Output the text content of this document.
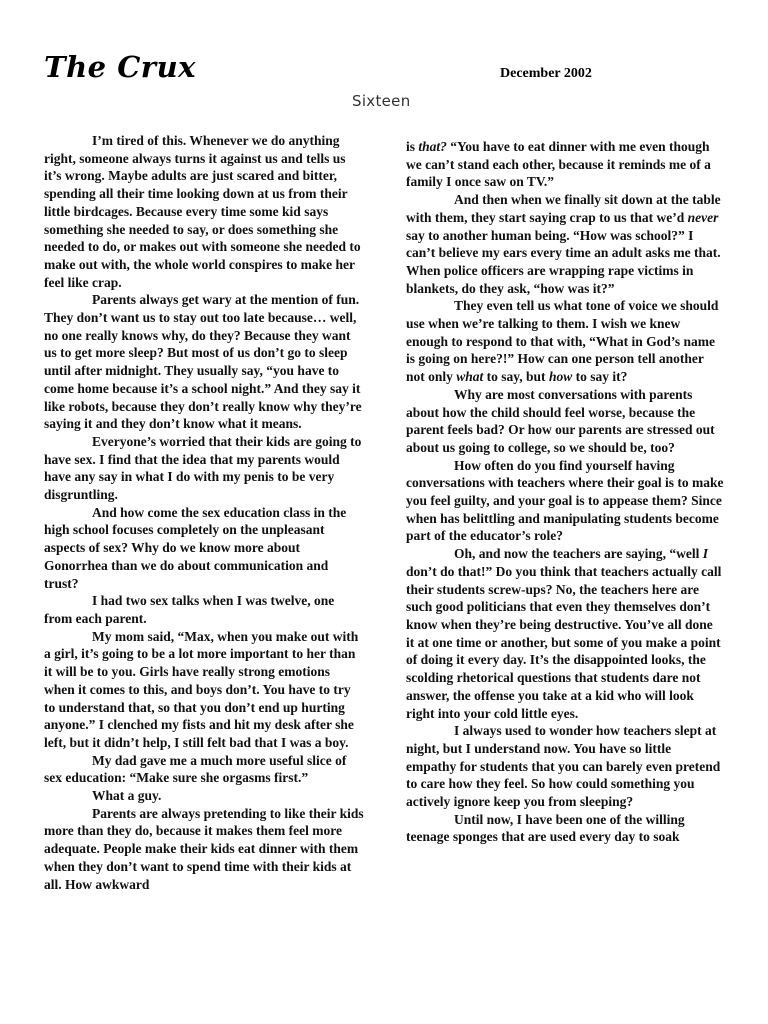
The Crux	December 2002
Sixteen

I’m tired of this. Whenever we do anything right, someone always turns it against us and tells us it’s wrong. Maybe adults are just scared and bitter, spending all their time looking down at us from their little birdcages. Because every time some kid says something she needed to say, or does something she needed to do, or makes out with someone she needed to make out with, the whole world conspires to make her feel like crap.

Parents always get wary at the mention of fun. They don’t want us to stay out too late because… well, no one really knows why, do they? Because they want us to get more sleep? But most of us don’t go to sleep until after midnight. They usually say, “you have to come home because it’s a school night.” And they say it like robots, because they don’t really know why they’re saying it and they don’t know what it means.

Everyone’s worried that their kids are going to have sex. I find that the idea that my parents would have any say in what I do with my penis to be very disgruntling.

And how come the sex education class in the high school focuses completely on the unpleasant aspects of sex? Why do we know more about Gonorrhea than we do about communication and trust?

I had two sex talks when I was twelve, one from each parent.

My mom said, “Max, when you make out with a girl, it’s going to be a lot more important to her than it will be to you. Girls have really strong emotions when it comes to this, and boys don’t. You have to try to understand that, so that you don’t end up hurting anyone.” I clenched my fists and hit my desk after she left, but it didn’t help, I still felt bad that I was a boy.

My dad gave me a much more useful slice of sex education: “Make sure she orgasms first.”

What a guy.

Parents are always pretending to like their kids more than they do, because it makes them feel more adequate. People make their kids eat dinner with them when they don’t want to spend time with their kids at all. How awkward

is that? “You have to eat dinner with me even though we can’t stand each other, because it reminds me of a family I once saw on TV.”

And then when we finally sit down at the table with them, they start saying crap to us that we’d never say to another human being. “How was school?” I can’t believe my ears every time an adult asks me that. When police officers are wrapping rape victims in blankets, do they ask, “how was it?”

They even tell us what tone of voice we should use when we’re talking to them. I wish we knew enough to respond to that with, “What in God’s name is going on here?!” How can one person tell another not only what to say, but how to say it?

Why are most conversations with parents about how the child should feel worse, because the parent feels bad? Or how our parents are stressed out about us going to college, so we should be, too?

How often do you find yourself having conversations with teachers where their goal is to make you feel guilty, and your goal is to appease them? Since when has belittling and manipulating students become part of the educator’s role?

Oh, and now the teachers are saying, “well I don’t do that!” Do you think that teachers actually call their students screw-ups? No, the teachers here are such good politicians that even they themselves don’t know when they’re being destructive. You’ve all done it at one time or another, but some of you make a point of doing it every day. It’s the disappointed looks, the scolding rhetorical questions that students dare not answer, the offense you take at a kid who will look right into your cold little eyes.

I always used to wonder how teachers slept at night, but I understand now. You have so little empathy for students that you can barely even pretend to care how they feel. So how could something you actively ignore keep you from sleeping?

Until now, I have been one of the willing teenage sponges that are used every day to soak
